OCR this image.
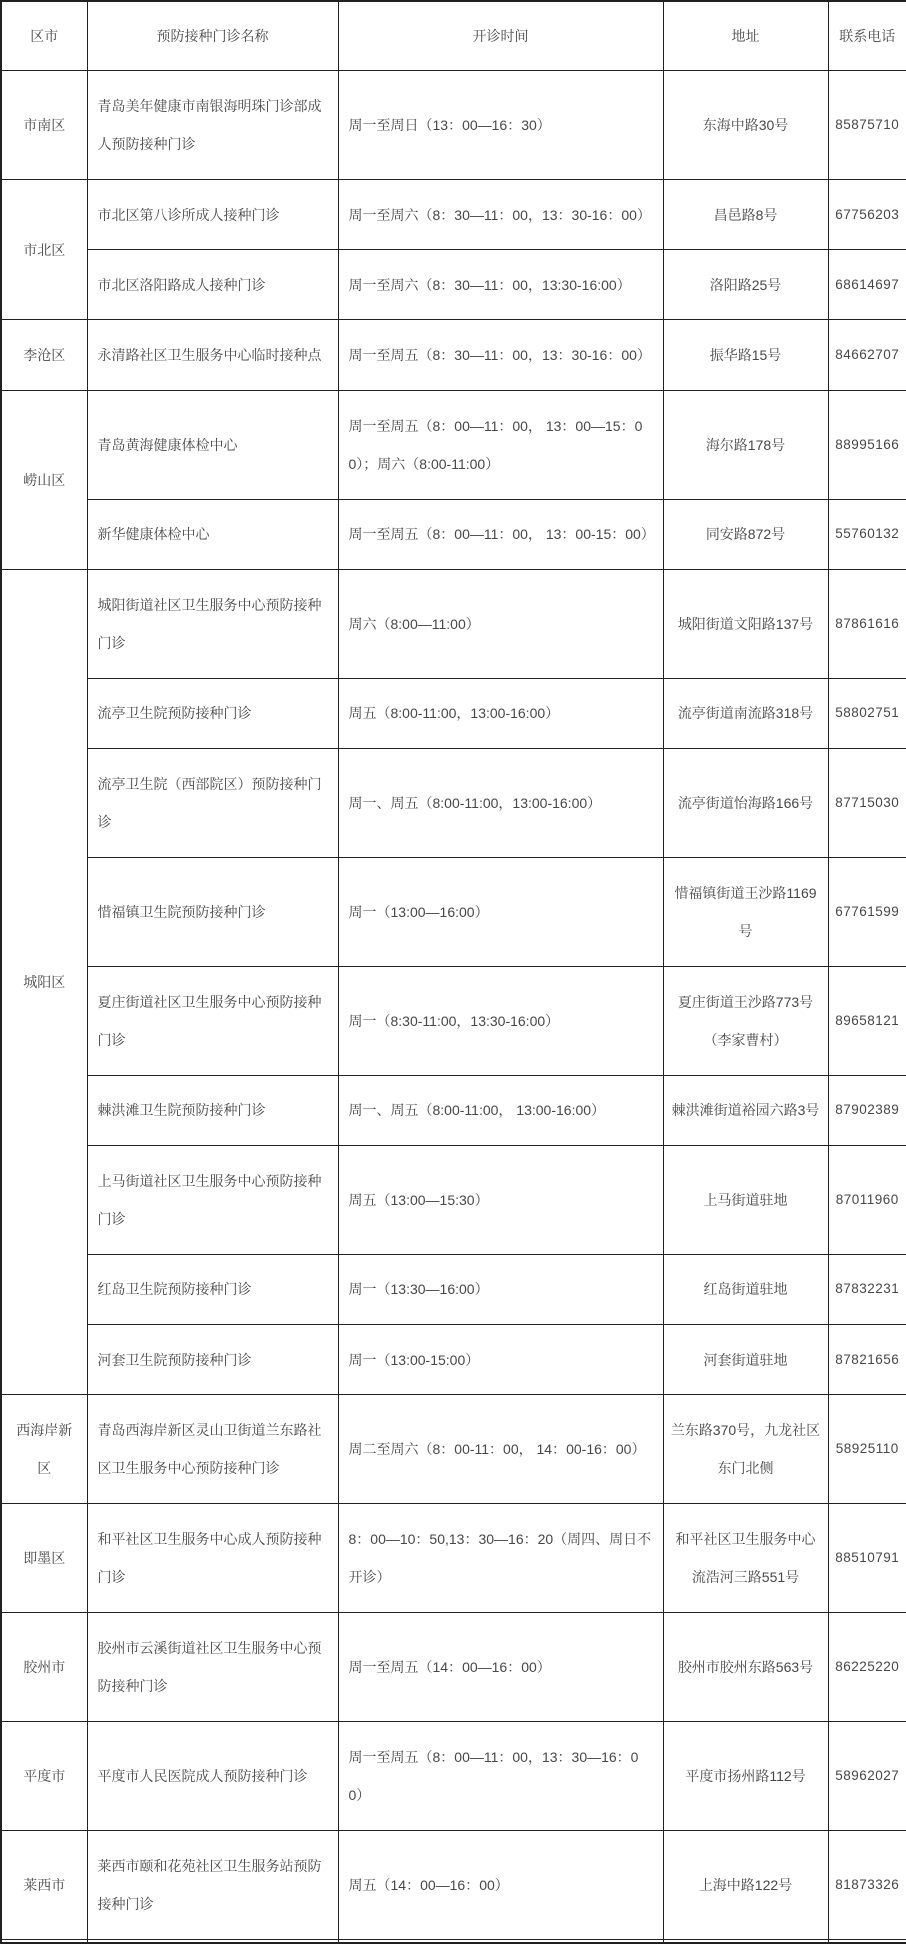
区市	预防接种门诊名称	开诊时间	地址	联系电话
市南区	青岛美年健康市南银海明珠门诊部成人预防接种门诊	周一至周日（13：00—16：30）	东海中路30号	85875710
市北区	市北区第八诊所成人接种门诊	周一至周六（8：30—11：00，13：30-16：00）	昌邑路8号	67756203
	市北区洛阳路成人接种门诊	周一至周六（8：30—11：00，13:30-16:00）	洛阳路25号	68614697
李沧区	永清路社区卫生服务中心临时接种点	周一至周五（8：30—11：00，13：30-16：00）	振华路15号	84662707
崂山区	青岛黄海健康体检中心	周一至周五（8：00—11：00， 13：00—15：00）；周六（8:00-11:00）	海尔路178号	88995166
	新华健康体检中心	周一至周五（8：00—11：00， 13：00-15：00）	同安路872号	55760132
城阳区	城阳街道社区卫生服务中心预防接种门诊	周六（8:00—11:00）	城阳街道文阳路137号	87861616
	流亭卫生院预防接种门诊	周五（8:00-11:00，13:00-16:00）	流亭街道南流路318号	58802751
	流亭卫生院（西部院区）预防接种门诊	周一、周五（8:00-11:00，13:00-16:00）	流亭街道怡海路166号	87715030
	惜福镇卫生院预防接种门诊	周一（13:00—16:00）	惜福镇街道王沙路1169号	67761599
	夏庄街道社区卫生服务中心预防接种门诊	周一（8:30-11:00，13:30-16:00）	夏庄街道王沙路773号（李家曹村）	89658121
	棘洪滩卫生院预防接种门诊	周一、周五（8:00-11:00， 13:00-16:00）	棘洪滩街道裕园六路3号	87902389
	上马街道社区卫生服务中心预防接种门诊	周五（13:00—15:30）	上马街道驻地	87011960
	红岛卫生院预防接种门诊	周一（13:30—16:00）	红岛街道驻地	87832231
	河套卫生院预防接种门诊	周一（13:00-15:00）	河套街道驻地	87821656
西海岸新区	青岛西海岸新区灵山卫街道兰东路社区卫生服务中心预防接种门诊	周二至周六（8：00-11：00， 14：00-16：00）	兰东路370号，九龙社区东门北侧	58925110
即墨区	和平社区卫生服务中心成人预防接种门诊	8：00—10：50,13：30—16：20（周四、周日不开诊）	和平社区卫生服务中心流浩河三路551号	88510791
胶州市	胶州市云溪街道社区卫生服务中心预防接种门诊	周一至周五（14：00—16：00）	胶州市胶州东路563号	86225220
平度市	平度市人民医院成人预防接种门诊	周一至周五（8：00—11：00，13：30—16：00）	平度市扬州路112号	58962027
莱西市	莱西市颐和花苑社区卫生服务站预防接种门诊	周五（14：00—16：00）	上海中路122号	81873326
